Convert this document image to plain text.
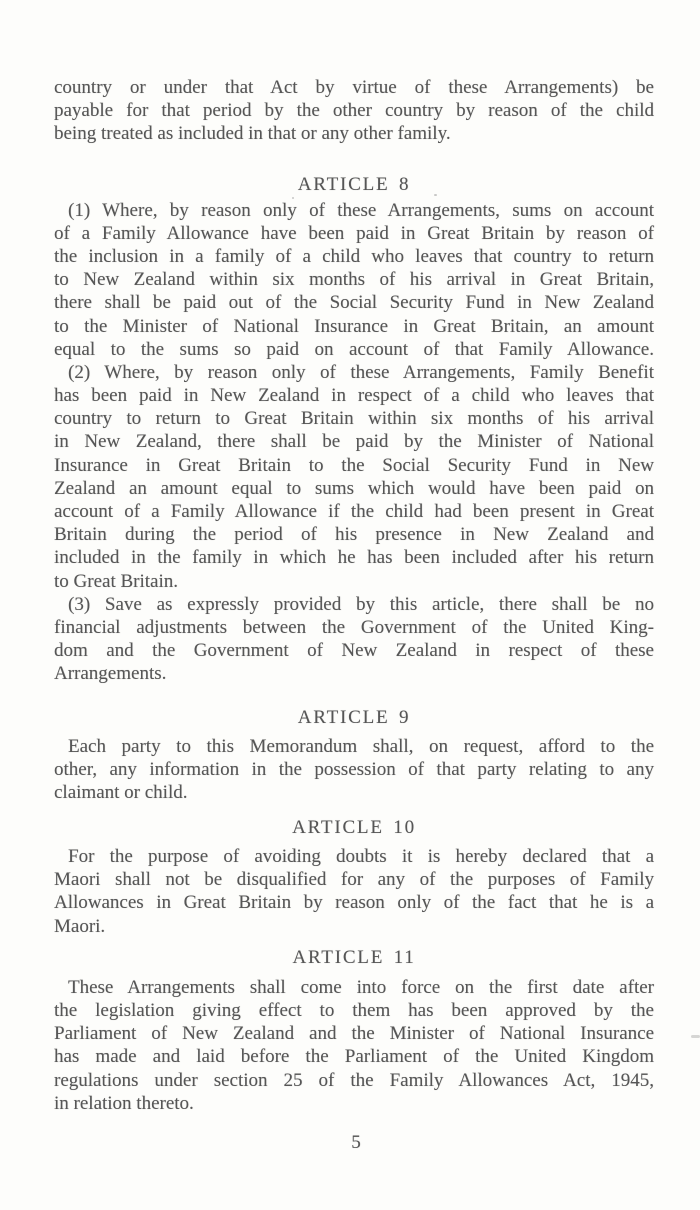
country or under that Act by virtue of these Arrangements) be
payable for that period by the other country by reason of the child
being treated as included in that or any other family.
ARTICLE 8
(1) Where, by reason only of these Arrangements, sums on account
of a Family Allowance have been paid in Great Britain by reason of
the inclusion in a family of a child who leaves that country to return
to New Zealand within six months of his arrival in Great Britain,
there shall be paid out of the Social Security Fund in New Zealand
to the Minister of National Insurance in Great Britain, an amount
equal to the sums so paid on account of that Family Allowance.
(2) Where, by reason only of these Arrangements, Family Benefit
has been paid in New Zealand in respect of a child who leaves that
country to return to Great Britain within six months of his arrival
in New Zealand, there shall be paid by the Minister of National
Insurance in Great Britain to the Social Security Fund in New
Zealand an amount equal to sums which would have been paid on
account of a Family Allowance if the child had been present in Great
Britain during the period of his presence in New Zealand and
included in the family in which he has been included after his return
to Great Britain.
(3) Save as expressly provided by this article, there shall be no
financial adjustments between the Government of the United King-
dom and the Government of New Zealand in respect of these
Arrangements.
ARTICLE 9
Each party to this Memorandum shall, on request, afford to the
other, any information in the possession of that party relating to any
claimant or child.
ARTICLE 10
For the purpose of avoiding doubts it is hereby declared that a
Maori shall not be disqualified for any of the purposes of Family
Allowances in Great Britain by reason only of the fact that he is a
Maori.
ARTICLE 11
These Arrangements shall come into force on the first date after
the legislation giving effect to them has been approved by the
Parliament of New Zealand and the Minister of National Insurance
has made and laid before the Parliament of the United Kingdom
regulations under section 25 of the Family Allowances Act, 1945,
in relation thereto.
5
